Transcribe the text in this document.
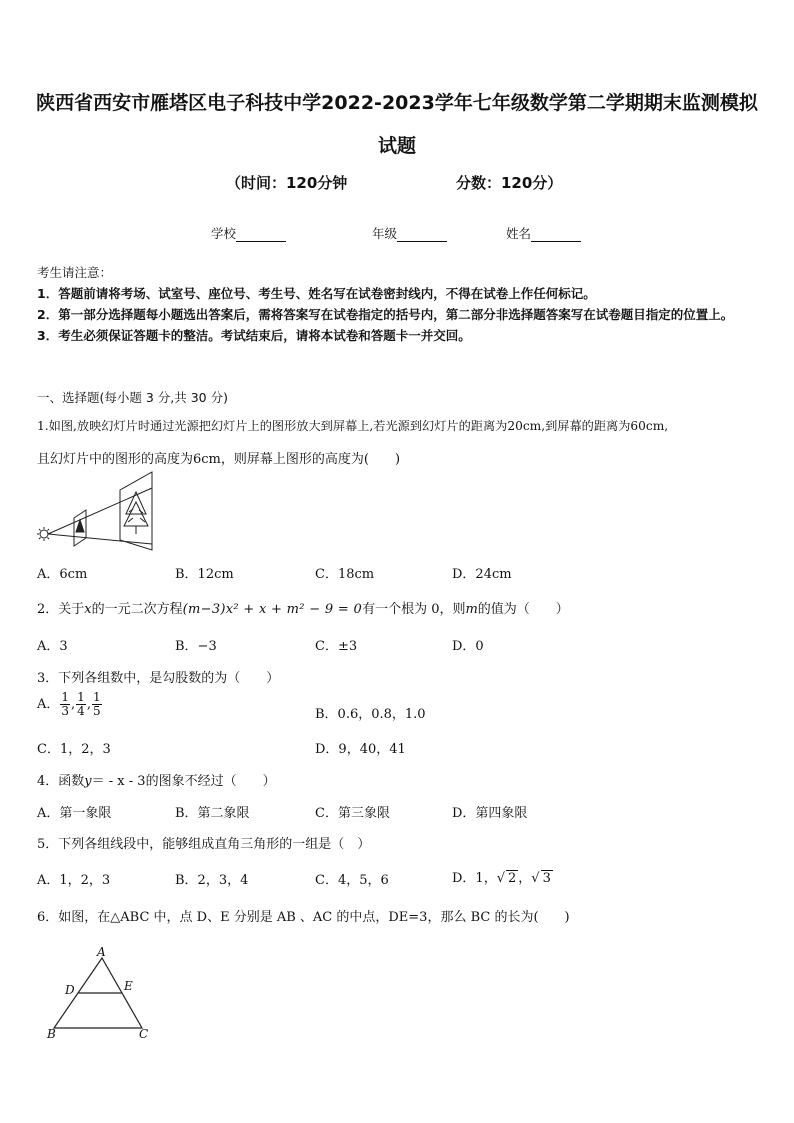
陕西省西安市雁塔区电子科技中学2022-2023学年七年级数学第二学期期末监测模拟
试题
（时间：120分钟	分数：120分）
学校	年级	姓名
考生请注意：
1．答题前请将考场、试室号、座位号、考生号、姓名写在试卷密封线内，不得在试卷上作任何标记。
2．第一部分选择题每小题选出答案后，需将答案写在试卷指定的括号内，第二部分非选择题答案写在试卷题目指定的位置上。
3．考生必须保证答题卡的整洁。考试结束后，请将本试卷和答题卡一并交回。
一、选择题(每小题 3 分,共 30 分)
1.如图,放映幻灯片时通过光源把幻灯片上的图形放大到屏幕上,若光源到幻灯片的距离为20cm,到屏幕的距离为60cm,
且幻灯片中的图形的高度为6cm，则屏幕上图形的高度为(　　)
A．6cm	B．12cm	C．18cm	D．24cm
2．关于x的一元二次方程(m−3)x² + x + m² − 9 = 0有一个根为 0，则m的值为（　　）
A．3	B．−3	C．±3	D．0
3．下列各组数中，是勾股数的为（　　）
A． $\frac{1}{3}$ , $\frac{1}{4}$ , $\frac{1}{5}$	B．0.6，0.8，1.0
C．1，2，3	D．9，40，41
4．函数y＝ - x - 3的图象不经过（　　）
A．第一象限	B．第二象限	C．第三象限	D．第四象限
5．下列各组线段中，能够组成直角三角形的一组是（　）
A．1，2，3	B．2，3，4	C．4，5，6	D．1，√ 2 ，√ 3
6．如图，在△ABC 中，点 D、E 分别是 AB 、AC 的中点，DE=3，那么 BC 的长为(　　)
A
D	E
B	C
